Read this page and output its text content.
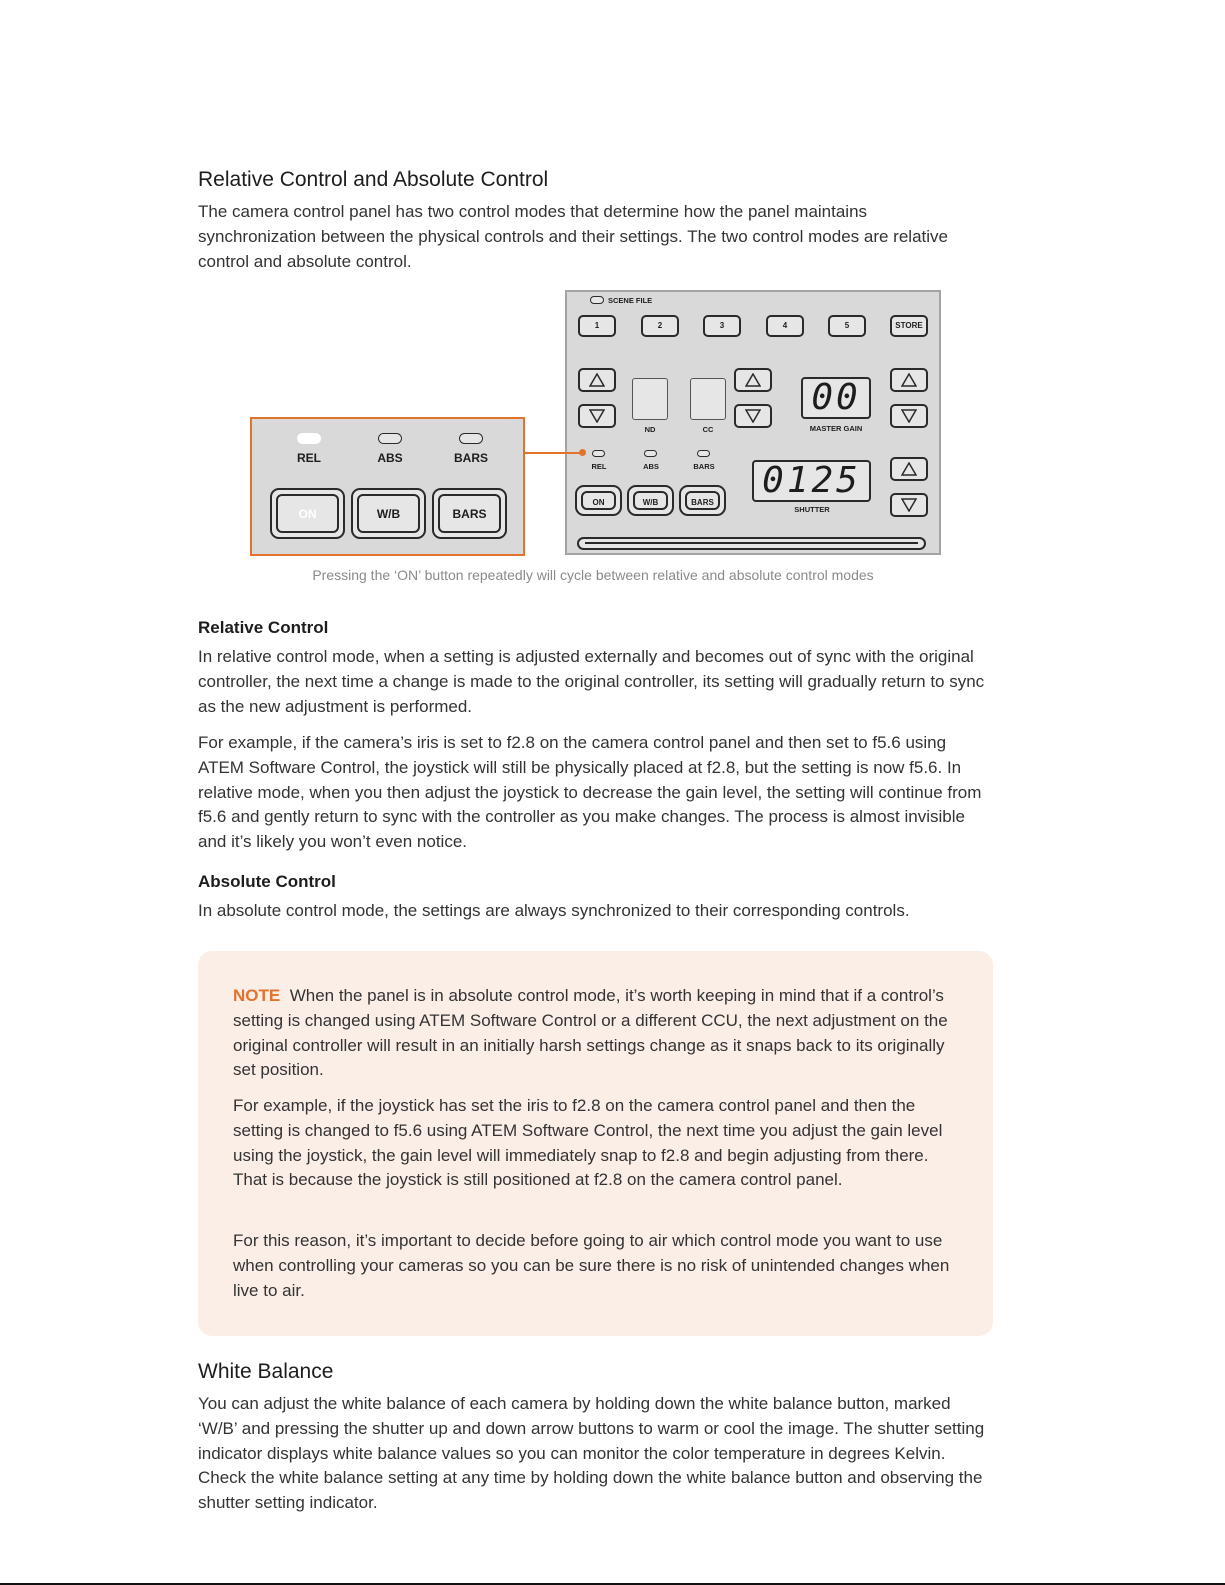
Relative Control and Absolute Control

The camera control panel has two control modes that determine how the panel maintains synchronization between the physical controls and their settings. The two control modes are relative control and absolute control.

Pressing the ‘ON’ button repeatedly will cycle between relative and absolute control modes
Relative Control

In relative control mode, when a setting is adjusted externally and becomes out of sync with the original controller, the next time a change is made to the original controller, its setting will gradually return to sync as the new adjustment is performed.

For example, if the camera’s iris is set to f2.8 on the camera control panel and then set to f5.6 using ATEM Software Control, the joystick will still be physically placed at f2.8, but the setting is now f5.6. In relative mode, when you then adjust the joystick to decrease the gain level, the setting will continue from f5.6 and gently return to sync with the controller as you make changes. The process is almost invisible and it’s likely you won’t even notice.

Absolute Control

In absolute control mode, the settings are always synchronized to their corresponding controls.

White Balance

You can adjust the white balance of each camera by holding down the white balance button, marked ‘W/B’ and pressing the shutter up and down arrow buttons to warm or cool the image. The shutter setting indicator displays white balance values so you can monitor the color temperature in degrees Kelvin. Check the white balance setting at any time by holding down the white balance button and observing the shutter setting indicator.

SCENE FILE
1	2	3	4	5	STORE
ND	CC
00
MASTER GAIN
REL	ABS	BARS
ON	W/B	BARS
0125
SHUTTER
REL	ABS	BARS
ON	W/B	BARS

NOTE When the panel is in absolute control mode, it’s worth keeping in mind that if a control’s setting is changed using ATEM Software Control or a different CCU, the next adjustment on the original controller will result in an initially harsh settings change as it snaps back to its originally set position.

For example, if the joystick has set the iris to f2.8 on the camera control panel and then the setting is changed to f5.6 using ATEM Software Control, the next time you adjust the gain level using the joystick, the gain level will immediately snap to f2.8 and begin adjusting from there. That is because the joystick is still positioned at f2.8 on the camera control panel.

For this reason, it’s important to decide before going to air which control mode you want to use when controlling your cameras so you can be sure there is no risk of unintended changes when live to air.
